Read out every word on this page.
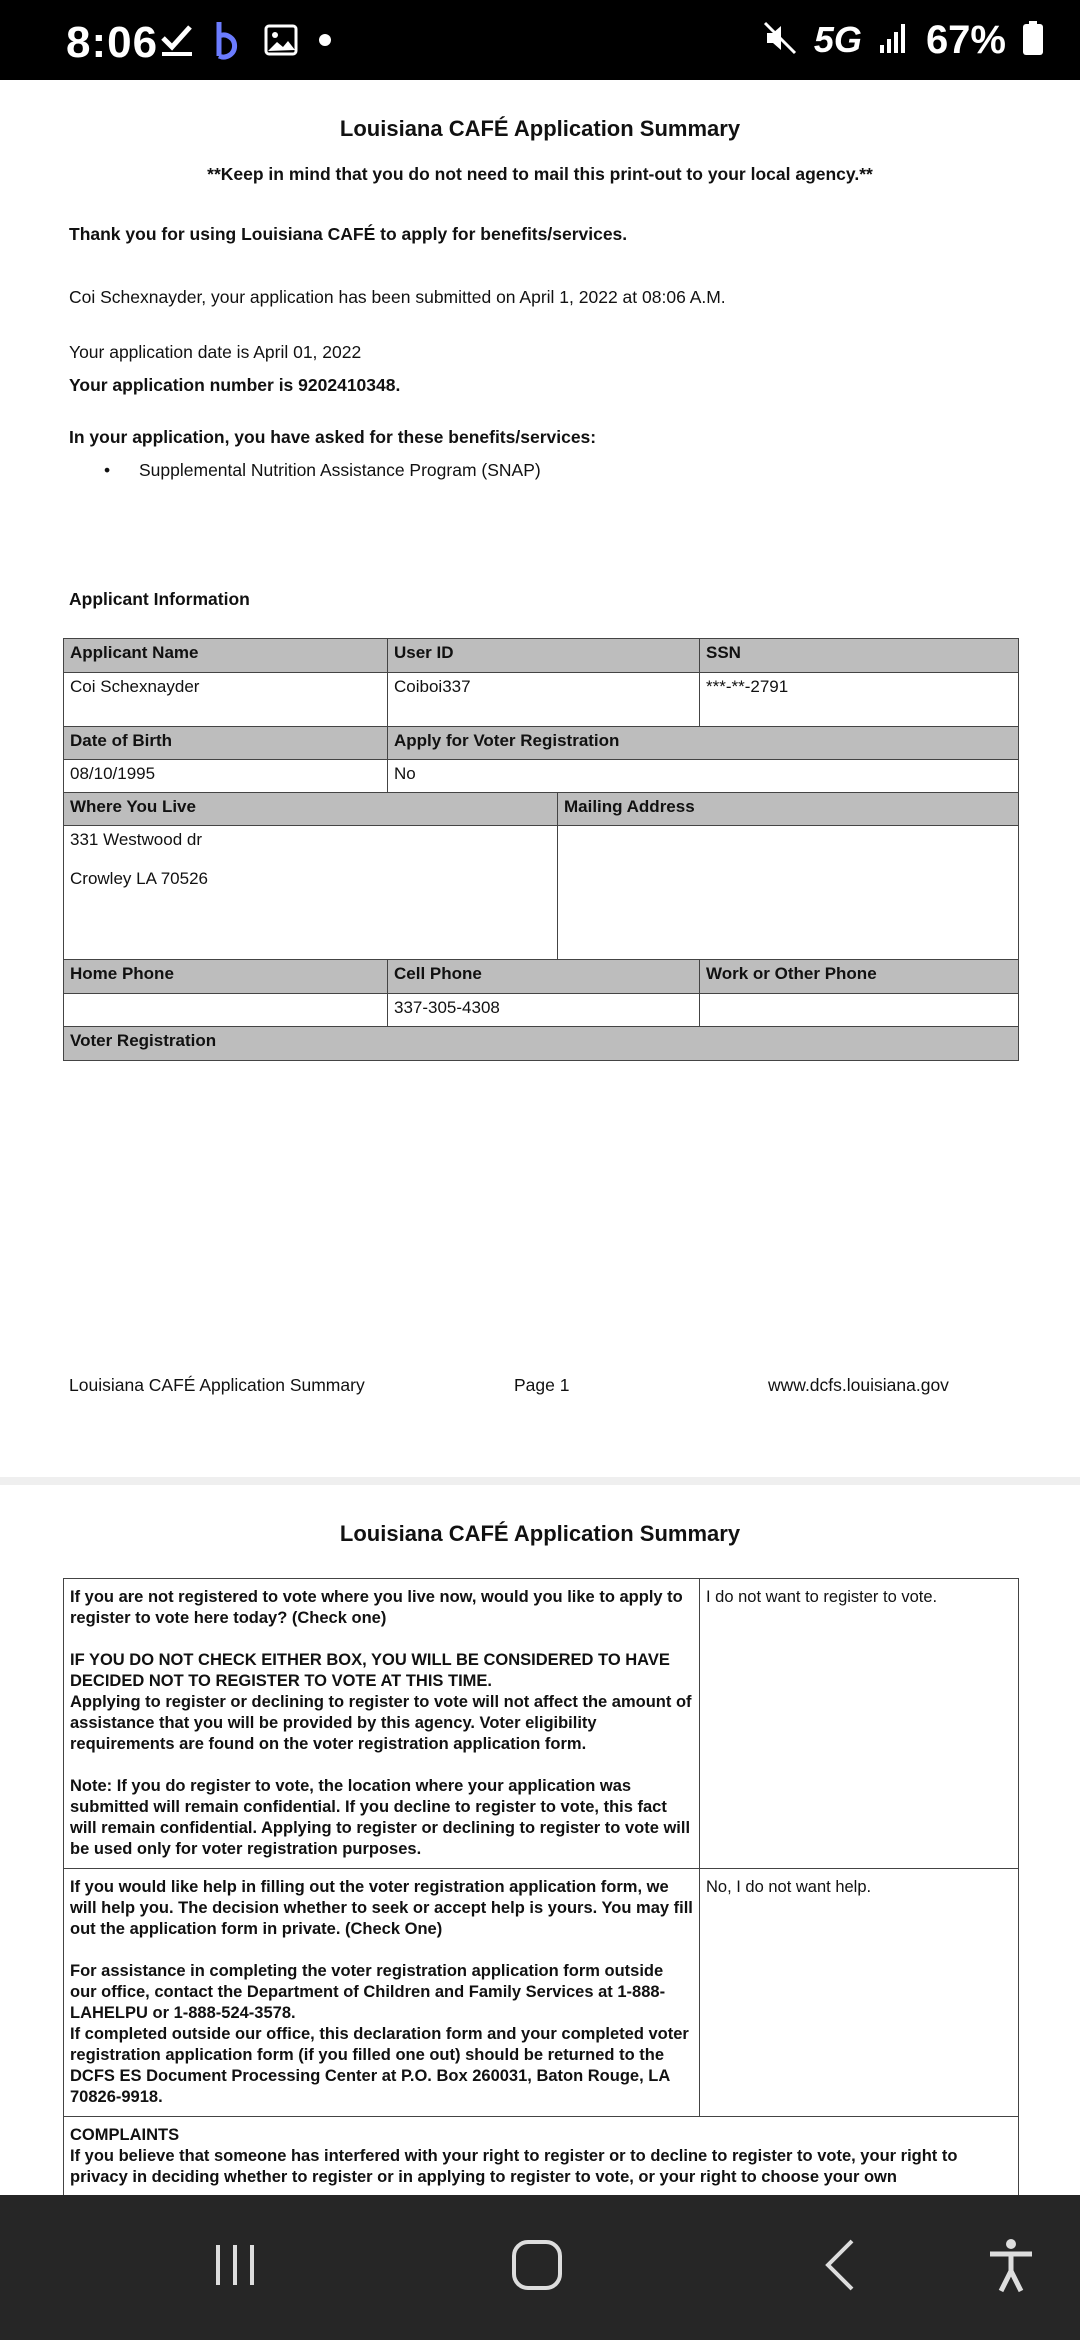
8:06	5G 67%
Louisiana CAFÉ Application Summary
**Keep in mind that you do not need to mail this print-out to your local agency.**
Thank you for using Louisiana CAFÉ to apply for benefits/services.
Coi Schexnayder, your application has been submitted on April 1, 2022 at 08:06 A.M.
Your application date is April 01, 2022
Your application number is 9202410348.
In your application, you have asked for these benefits/services:
• Supplemental Nutrition Assistance Program (SNAP)
Applicant Information
Applicant Name	User ID	SSN
Coi Schexnayder	Coiboi337	***-**-2791
Date of Birth	Apply for Voter Registration	
08/10/1995	No	
Where You Live	Mailing Address

331 Westwood dr
Crowley LA 70526	

Home Phone	Cell Phone	Work or Other Phone
	337-305-4308	
Voter Registration		
Louisiana CAFÉ Application Summary	Page 1	www.dcfs.louisiana.gov
Louisiana CAFÉ Application Summary
If you are not registered to vote where you live now, would you like to apply to register to vote here today? (Check one)
IF YOU DO NOT CHECK EITHER BOX, YOU WILL BE CONSIDERED TO HAVE DECIDED NOT TO REGISTER TO VOTE AT THIS TIME.
Applying to register or declining to register to vote will not affect the amount of assistance that you will be provided by this agency. Voter eligibility requirements are found on the voter registration application form.
Note: If you do register to vote, the location where your application was submitted will remain confidential. If you decline to register to vote, this fact will remain confidential. Applying to register or declining to register to vote will be used only for voter registration purposes.	I do not want to register to vote.

If you would like help in filling out the voter registration application form, we will help you. The decision whether to seek or accept help is yours. You may fill out the application form in private. (Check One)
For assistance in completing the voter registration application form outside our office, contact the Department of Children and Family Services at 1-888-LAHELPU or 1-888-524-3578.
If completed outside our office, this declaration form and your completed voter registration application form (if you filled one out) should be returned to the DCFS ES Document Processing Center at P.O. Box 260031, Baton Rouge, LA 70826-9918.	No, I do not want help.

COMPLAINTS
If you believe that someone has interfered with your right to register or to decline to register to vote, your right to privacy in deciding whether to register or in applying to register to vote, or your right to choose your own	
